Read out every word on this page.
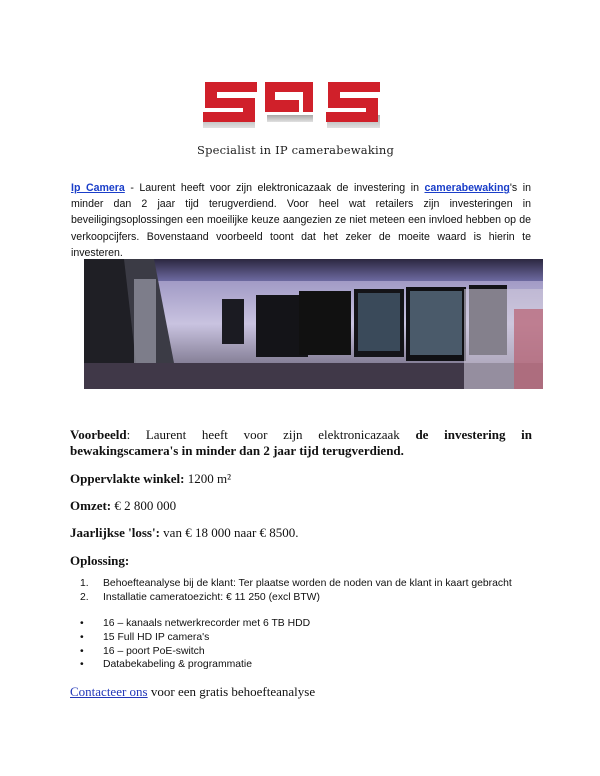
Specialist in IP camerabewaking

Ip Camera - Laurent heeft voor zijn elektronicazaak de investering in camerabewaking's in minder dan 2 jaar tijd terugverdiend. Voor heel wat retailers zijn investeringen in beveiligingsoplossingen een moeilijke keuze aangezien ze niet meteen een invloed hebben op de verkoopcijfers. Bovenstaand voorbeeld toont dat het zeker de moeite waard is hierin te investeren.

Voorbeeld: Laurent heeft voor zijn elektronicazaak de investering in bewakingscamera's in minder dan 2 jaar tijd terugverdiend.

Oppervlakte winkel: 1200 m²
Omzet: € 2 800 000
Jaarlijkse 'loss': van € 18 000 naar € 8500.
Oplossing:
1. Behoefteanalyse bij de klant: Ter plaatse worden de noden van de klant in kaart gebracht
2. Installatie cameratoezicht: € 11 250 (excl BTW)
• 16 – kanaals netwerkrecorder met 6 TB HDD
• 15 Full HD IP camera's
• 16 – poort PoE-switch
• Databekabeling & programmatie
Contacteer ons voor een gratis behoefteanalyse
